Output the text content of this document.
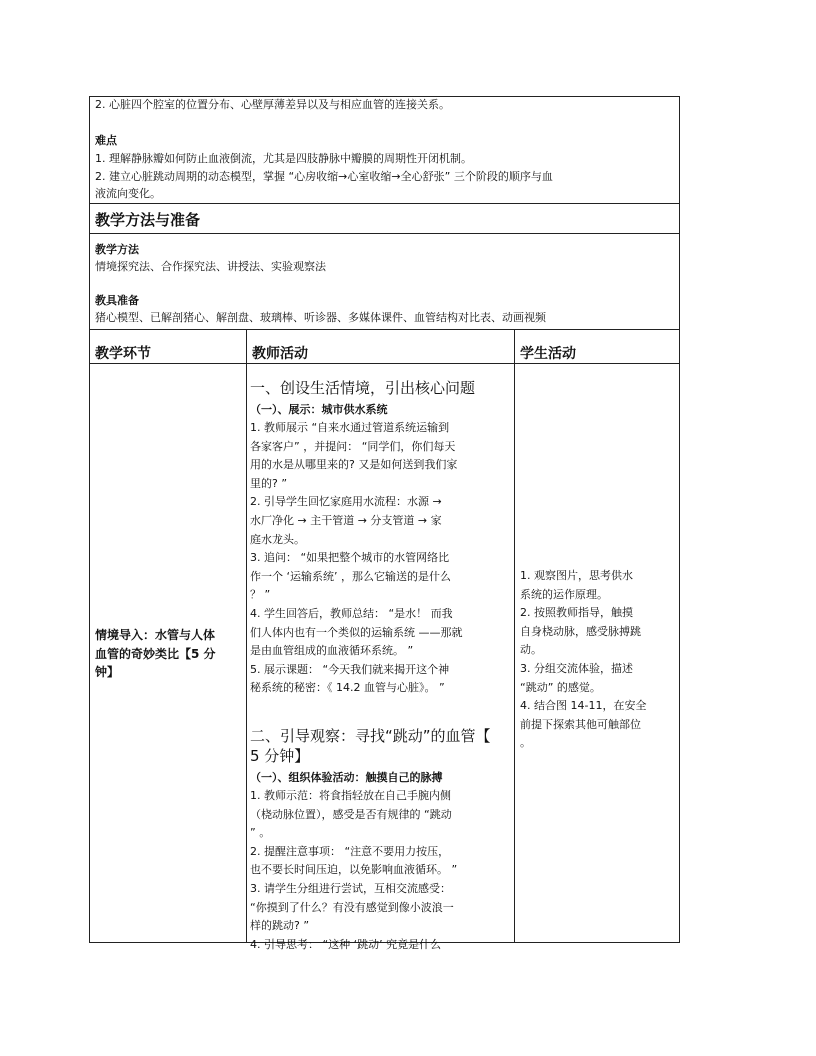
2. 心脏四个腔室的位置分布、心壁厚薄差异以及与相应血管的连接关系。
难点
1. 理解静脉瓣如何防止血液倒流，尤其是四肢静脉中瓣膜的周期性开闭机制。
2. 建立心脏跳动周期的动态模型，掌握 “心房收缩→心室收缩→全心舒张” 三个阶段的顺序与血
液流向变化。
教学方法与准备
教学方法
情境探究法、合作探究法、讲授法、实验观察法
教具准备
猪心模型、已解剖猪心、解剖盘、玻璃棒、听诊器、多媒体课件、血管结构对比表、动画视频
教学环节	教师活动	学生活动
情境导入：水管与人体
血管的奇妙类比【5 分
钟】
一、创设生活情境，引出核心问题
（一）、展示：城市供水系统
1. 教师展示 “自来水通过管道系统运输到
各家客户” ，并提问： “同学们，你们每天
用的水是从哪里来的? 又是如何送到我们家
里的? ”
2. 引导学生回忆家庭用水流程：水源 →
水厂净化 → 主干管道 → 分支管道 → 家
庭水龙头。
3. 追问： “如果把整个城市的水管网络比
作一个 ‘运输系统’ ，那么它输送的是什么
？ ”
4. 学生回答后，教师总结： “是水！ 而我
们人体内也有一个类似的运输系统 ——那就
是由血管组成的血液循环系统。 ”
5. 展示课题： “今天我们就来揭开这个神
秘系统的秘密：《 14.2 血管与心脏》。 ”
二、引导观察：寻找“跳动”的血管【
5 分钟】
（一）、组织体验活动：触摸自己的脉搏
1. 教师示范：将食指轻放在自己手腕内侧
（桡动脉位置），感受是否有规律的 “跳动
” 。
2. 提醒注意事项： “注意不要用力按压，
也不要长时间压迫，以免影响血液循环。 ”
3. 请学生分组进行尝试，互相交流感受：
“你摸到了什么？有没有感觉到像小波浪一
样的跳动? ”
4. 引导思考： “这种 ‘跳动’ 究竟是什么
1. 观察图片，思考供水
系统的运作原理。
2. 按照教师指导，触摸
自身桡动脉，感受脉搏跳
动。
3. 分组交流体验，描述
“跳动” 的感觉。
4. 结合图 14-11，在安全
前提下探索其他可触部位
。
